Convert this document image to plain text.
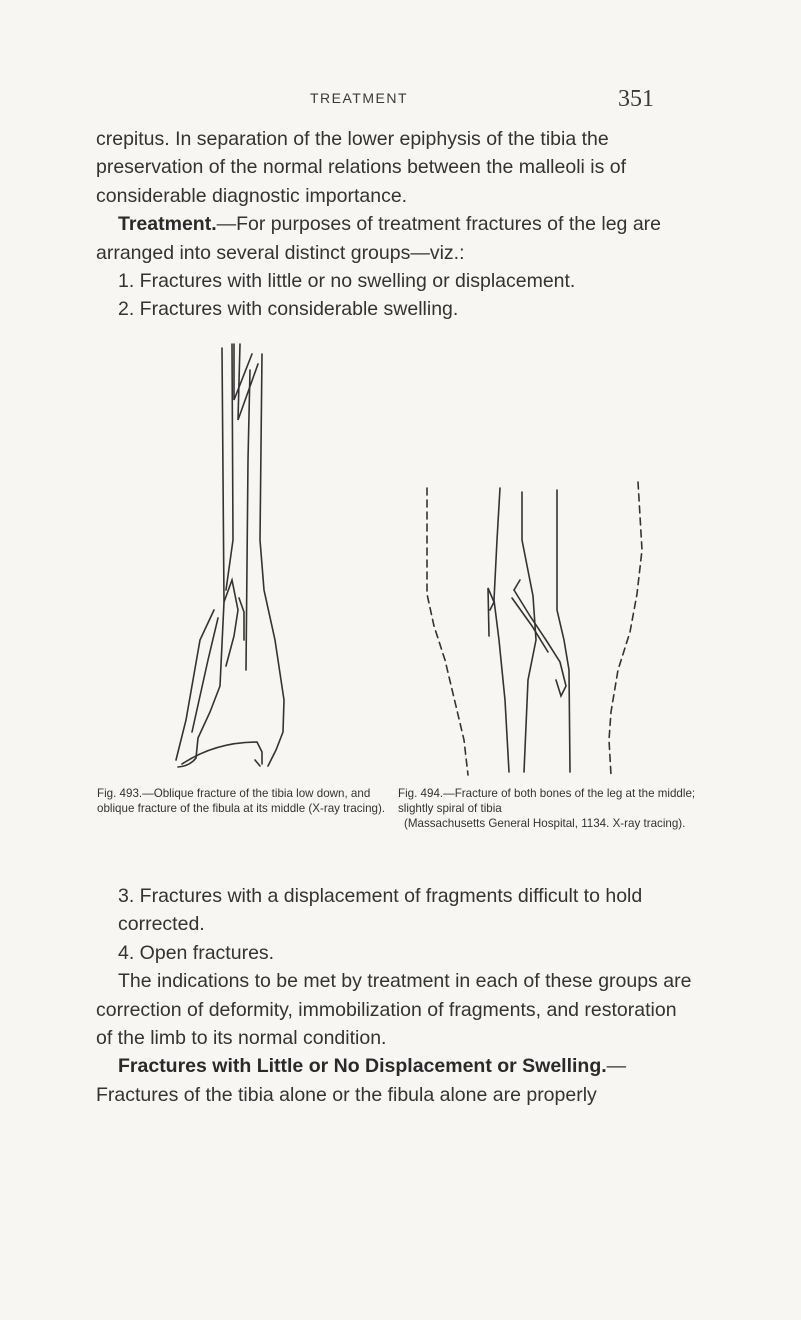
TREATMENT	351

crepitus. In separation of the lower epiphysis of the tibia the preservation of the normal relations between the malleoli is of considerable diagnostic importance.

Treatment.—For purposes of treatment fractures of the leg are arranged into several distinct groups—viz.:

1. Fractures with little or no swelling or displacement.

2. Fractures with considerable swelling.

Fig. 493.—Oblique fracture of the tibia low down, and oblique fracture of the fibula at its middle (X-ray tracing).
Fig. 494.—Fracture of both bones of the leg at the middle; slightly spiral of tibia
(Massachusetts General Hospital, 1134. X-ray tracing).

3. Fractures with a displacement of fragments difficult to hold corrected.

4. Open fractures.

The indications to be met by treatment in each of these groups are correction of deformity, immobilization of fragments, and restoration of the limb to its normal condition.

Fractures with Little or No Displacement or Swelling.— Fractures of the tibia alone or the fibula alone are properly
